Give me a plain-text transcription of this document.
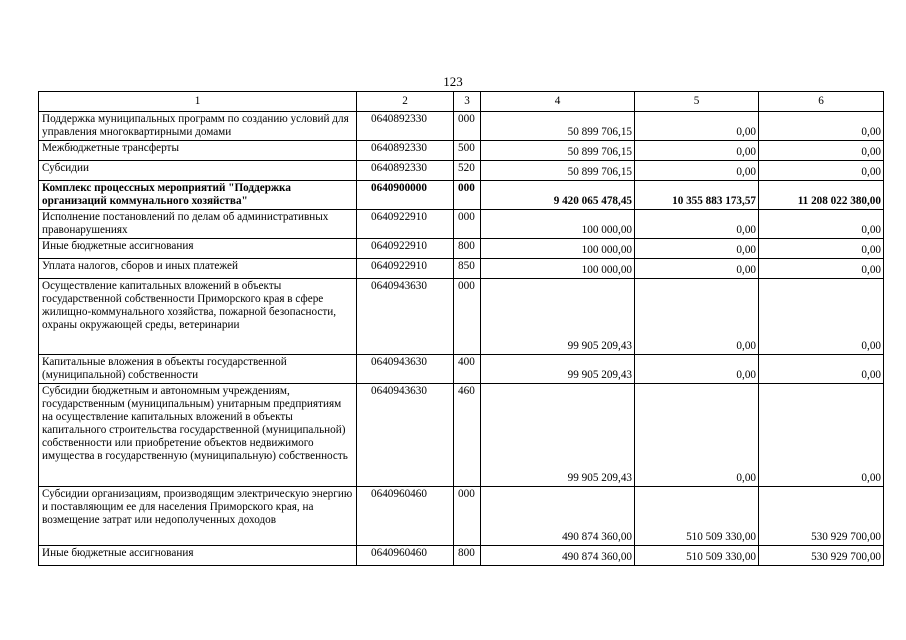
123
1	2	3	4	5	6
Поддержка муниципальных программ по созданию условий для управления многоквартирными домами	0640892330	000	50 899 706,15	0,00	0,00
Межбюджетные трансферты	0640892330	500	50 899 706,15	0,00	0,00
Субсидии	0640892330	520	50 899 706,15	0,00	0,00
Комплекс процессных мероприятий "Поддержка организаций коммунального хозяйства"	0640900000	000	9 420 065 478,45	10 355 883 173,57	11 208 022 380,00
Исполнение постановлений по делам об административных правонарушениях	0640922910	000	100 000,00	0,00	0,00
Иные бюджетные ассигнования	0640922910	800	100 000,00	0,00	0,00
Уплата налогов, сборов и иных платежей	0640922910	850	100 000,00	0,00	0,00
Осуществление капитальных вложений в объекты государственной собственности Приморского края в сфере жилищно-коммунального хозяйства, пожарной безопасности, охраны окружающей среды, ветеринарии	0640943630	000	99 905 209,43	0,00	0,00
Капитальные вложения в объекты государственной (муниципальной) собственности	0640943630	400	99 905 209,43	0,00	0,00
Субсидии бюджетным и автономным учреждениям, государственным (муниципальным) унитарным предприятиям на осуществление капитальных вложений в объекты капитального строительства государственной (муниципальной) собственности или приобретение объектов недвижимого имущества в государственную (муниципальную) собственность	0640943630	460	99 905 209,43	0,00	0,00
Субсидии организациям, производящим электрическую энергию и поставляющим ее для населения Приморского края, на возмещение затрат или недополученных доходов	0640960460	000	490 874 360,00	510 509 330,00	530 929 700,00
Иные бюджетные ассигнования	0640960460	800	490 874 360,00	510 509 330,00	530 929 700,00
